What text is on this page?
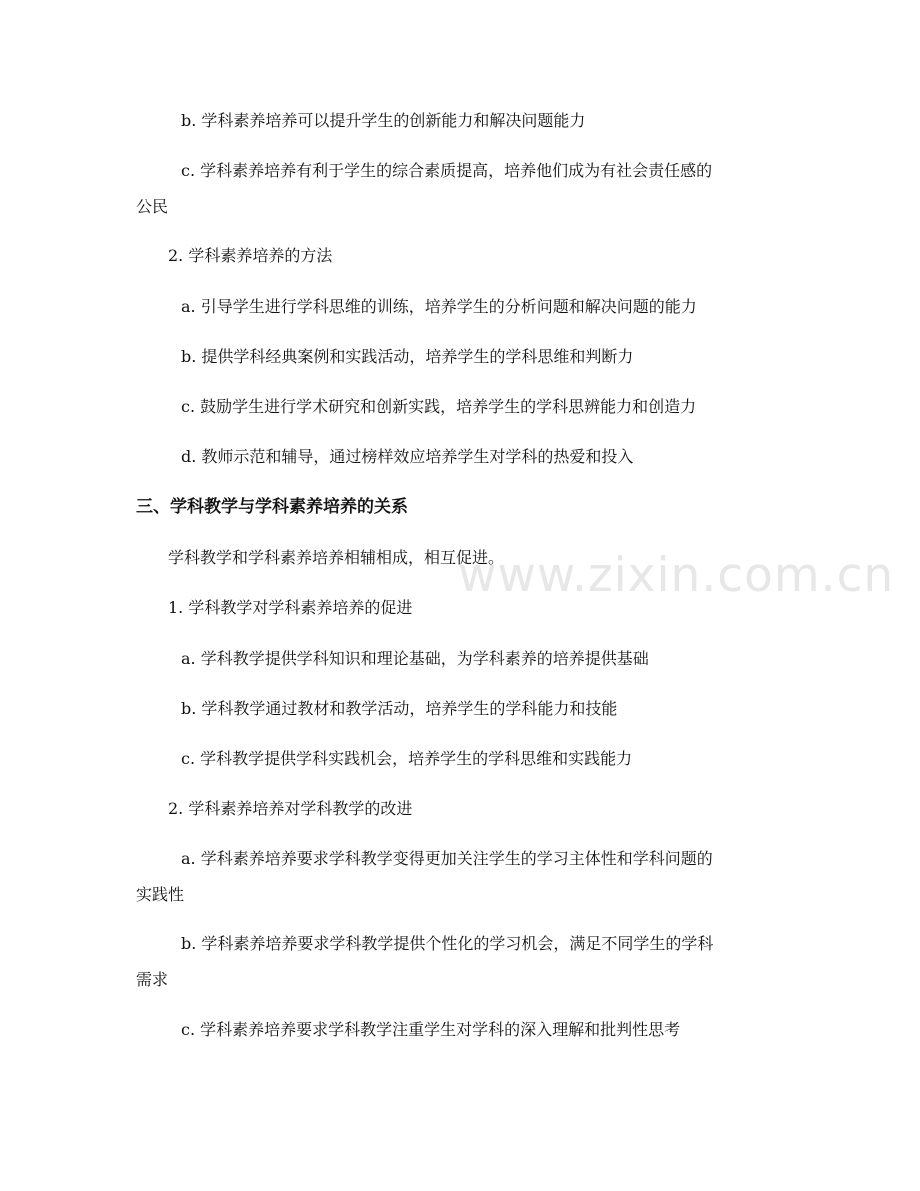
www.zixin.com.cn
b. 学科素养培养可以提升学生的创新能力和解决问题能力
c. 学科素养培养有利于学生的综合素质提高，培养他们成为有社会责任感的
公民
2. 学科素养培养的方法
a. 引导学生进行学科思维的训练，培养学生的分析问题和解决问题的能力
b. 提供学科经典案例和实践活动，培养学生的学科思维和判断力
c. 鼓励学生进行学术研究和创新实践，培养学生的学科思辨能力和创造力
d. 教师示范和辅导，通过榜样效应培养学生对学科的热爱和投入
三、学科教学与学科素养培养的关系
学科教学和学科素养培养相辅相成，相互促进。
1. 学科教学对学科素养培养的促进
a. 学科教学提供学科知识和理论基础，为学科素养的培养提供基础
b. 学科教学通过教材和教学活动，培养学生的学科能力和技能
c. 学科教学提供学科实践机会，培养学生的学科思维和实践能力
2. 学科素养培养对学科教学的改进
a. 学科素养培养要求学科教学变得更加关注学生的学习主体性和学科问题的
实践性
b. 学科素养培养要求学科教学提供个性化的学习机会，满足不同学生的学科
需求
c. 学科素养培养要求学科教学注重学生对学科的深入理解和批判性思考
